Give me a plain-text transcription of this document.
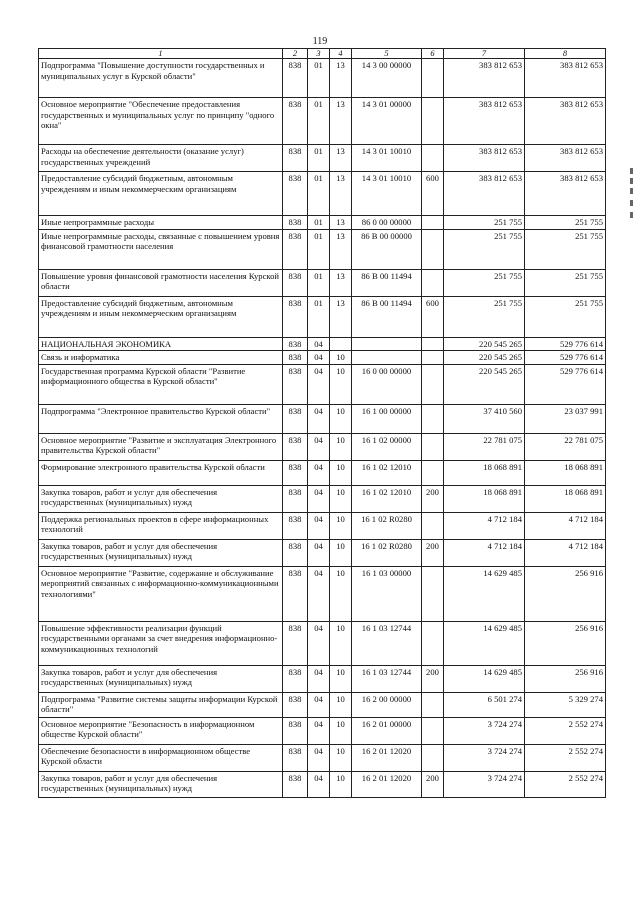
119
1	2	3	4	5	6	7	8
Подпрограмма "Повышение доступности государственных и муниципальных услуг в Курской области"	838	01	13	14 3 00 00000		383 812 653	383 812 653
Основное мероприятие "Обеспечение предоставления государственных и муниципальных услуг по принципу "одного окна"	838	01	13	14 3 01 00000		383 812 653	383 812 653
Расходы на обеспечение деятельности (оказание услуг) государственных учреждений	838	01	13	14 3 01 10010		383 812 653	383 812 653
Предоставление субсидий бюджетным, автономным учреждениям и иным некоммерческим организациям	838	01	13	14 3 01 10010	600	383 812 653	383 812 653
Иные непрограммные расходы	838	01	13	86 0 00 00000		251 755	251 755
Иные непрограммные расходы, связанные с повышением уровня финансовой грамотности населения	838	01	13	86 В 00 00000		251 755	251 755
Повышение уровня финансовой грамотности населения Курской области	838	01	13	86 В 00 11494		251 755	251 755
Предоставление субсидий бюджетным, автономным учреждениям и иным некоммерческим организациям	838	01	13	86 В 00 11494	600	251 755	251 755
НАЦИОНАЛЬНАЯ ЭКОНОМИКА	838	04				220 545 265	529 776 614
Связь и информатика	838	04	10			220 545 265	529 776 614
Государственная программа Курской области "Развитие информационного общества в Курской области"	838	04	10	16 0 00 00000		220 545 265	529 776 614
Подпрограмма "Электронное правительство Курской области"	838	04	10	16 1 00 00000		37 410 560	23 037 991
Основное мероприятие "Развитие и эксплуатация Электронного правительства Курской области"	838	04	10	16 1 02 00000		22 781 075	22 781 075
Формирование электронного правительства Курской области	838	04	10	16 1 02 12010		18 068 891	18 068 891
Закупка товаров, работ и услуг для обеспечения государственных (муниципальных) нужд	838	04	10	16 1 02 12010	200	18 068 891	18 068 891
Поддержка региональных проектов в сфере информационных технологий	838	04	10	16 1 02 R0280		4 712 184	4 712 184
Закупка товаров, работ и услуг для обеспечения государственных (муниципальных) нужд	838	04	10	16 1 02 R0280	200	4 712 184	4 712 184
Основное мероприятие "Развитие, содержание и обслуживание мероприятий связанных с информационно-коммуникационными технологиями"	838	04	10	16 1 03 00000		14 629 485	256 916
Повышение эффективности реализации функций государственными органами за счет внедрения информационно-коммуникационных технологий	838	04	10	16 1 03 12744		14 629 485	256 916
Закупка товаров, работ и услуг для обеспечения государственных (муниципальных) нужд	838	04	10	16 1 03 12744	200	14 629 485	256 916
Подпрограмма "Развитие системы защиты информации Курской области"	838	04	10	16 2 00 00000		6 501 274	5 329 274
Основное мероприятие "Безопасность в информационном обществе Курской области"	838	04	10	16 2 01 00000		3 724 274	2 552 274
Обеспечение безопасности в информационном обществе Курской области	838	04	10	16 2 01 12020		3 724 274	2 552 274
Закупка товаров, работ и услуг для обеспечения государственных (муниципальных) нужд	838	04	10	16 2 01 12020	200	3 724 274	2 552 274
